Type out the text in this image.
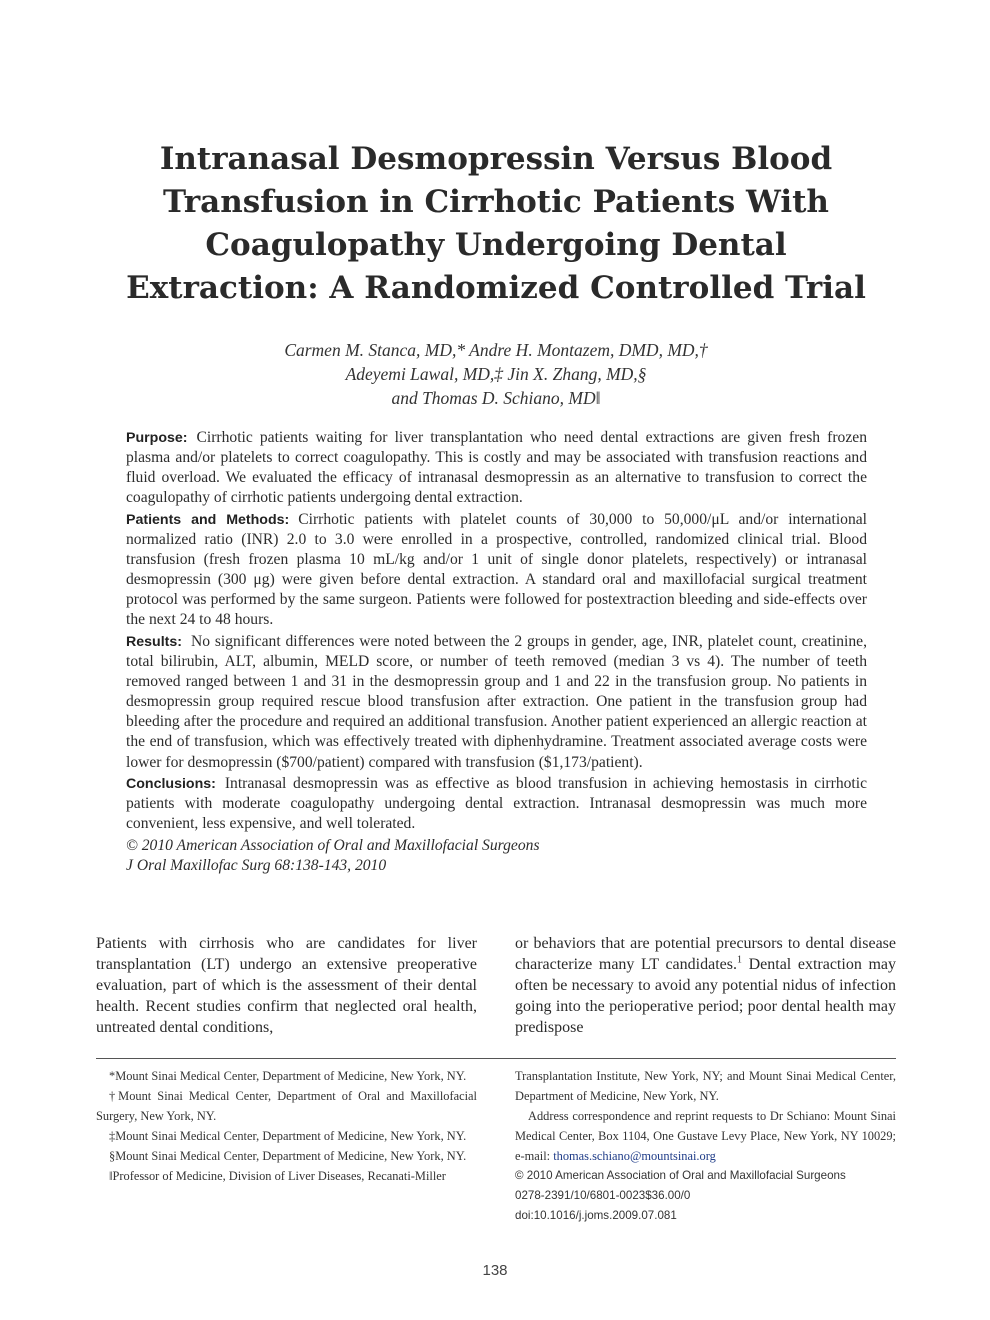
Intranasal Desmopressin Versus Blood
Transfusion in Cirrhotic Patients With
Coagulopathy Undergoing Dental
Extraction: A Randomized Controlled Trial
Carmen M. Stanca, MD,* Andre H. Montazem, DMD, MD,†
Adeyemi Lawal, MD,‡ Jin X. Zhang, MD,§
and Thomas D. Schiano, MD‖

Purpose: Cirrhotic patients waiting for liver transplantation who need dental extractions are given fresh frozen plasma and/or platelets to correct coagulopathy. This is costly and may be associated with transfusion reactions and fluid overload. We evaluated the efficacy of intranasal desmopressin as an alternative to transfusion to correct the coagulopathy of cirrhotic patients undergoing dental extraction.

Patients and Methods: Cirrhotic patients with platelet counts of 30,000 to 50,000/μL and/or international normalized ratio (INR) 2.0 to 3.0 were enrolled in a prospective, controlled, randomized clinical trial. Blood transfusion (fresh frozen plasma 10 mL/kg and/or 1 unit of single donor platelets, respectively) or intranasal desmopressin (300 μg) were given before dental extraction. A standard oral and maxillofacial surgical treatment protocol was performed by the same surgeon. Patients were followed for postextraction bleeding and side-effects over the next 24 to 48 hours.

Results: No significant differences were noted between the 2 groups in gender, age, INR, platelet count, creatinine, total bilirubin, ALT, albumin, MELD score, or number of teeth removed (median 3 vs 4). The number of teeth removed ranged between 1 and 31 in the desmopressin group and 1 and 22 in the transfusion group. No patients in desmopressin group required rescue blood transfusion after extraction. One patient in the transfusion group had bleeding after the procedure and required an additional transfusion. Another patient experienced an allergic reaction at the end of transfusion, which was effectively treated with diphenhydramine. Treatment associated average costs were lower for desmopressin ($700/patient) compared with transfusion ($1,173/patient).

Conclusions: Intranasal desmopressin was as effective as blood transfusion in achieving hemostasis in cirrhotic patients with moderate coagulopathy undergoing dental extraction. Intranasal desmopressin was much more convenient, less expensive, and well tolerated.

© 2010 American Association of Oral and Maxillofacial Surgeons

J Oral Maxillofac Surg 68:138-143, 2010

Patients with cirrhosis who are candidates for liver transplantation (LT) undergo an extensive preoperative evaluation, part of which is the assessment of their dental health. Recent studies confirm that neglected oral health, untreated dental conditions,
or behaviors that are potential precursors to dental disease characterize many LT candidates.$^1$ Dental extraction may often be necessary to avoid any potential nidus of infection going into the perioperative period; poor dental health may predispose

*Mount Sinai Medical Center, Department of Medicine, New York, NY.

†Mount Sinai Medical Center, Department of Oral and Maxillofacial Surgery, New York, NY.

‡Mount Sinai Medical Center, Department of Medicine, New York, NY.

§Mount Sinai Medical Center, Department of Medicine, New York, NY.

‖Professor of Medicine, Division of Liver Diseases, Recanati-Miller

Transplantation Institute, New York, NY; and Mount Sinai Medical Center, Department of Medicine, New York, NY.

Address correspondence and reprint requests to Dr Schiano: Mount Sinai Medical Center, Box 1104, One Gustave Levy Place, New York, NY 10029; e-mail: thomas.schiano@mountsinai.org

© 2010 American Association of Oral and Maxillofacial Surgeons

0278-2391/10/6801-0023$36.00/0

doi:10.1016/j.joms.2009.07.081

138
